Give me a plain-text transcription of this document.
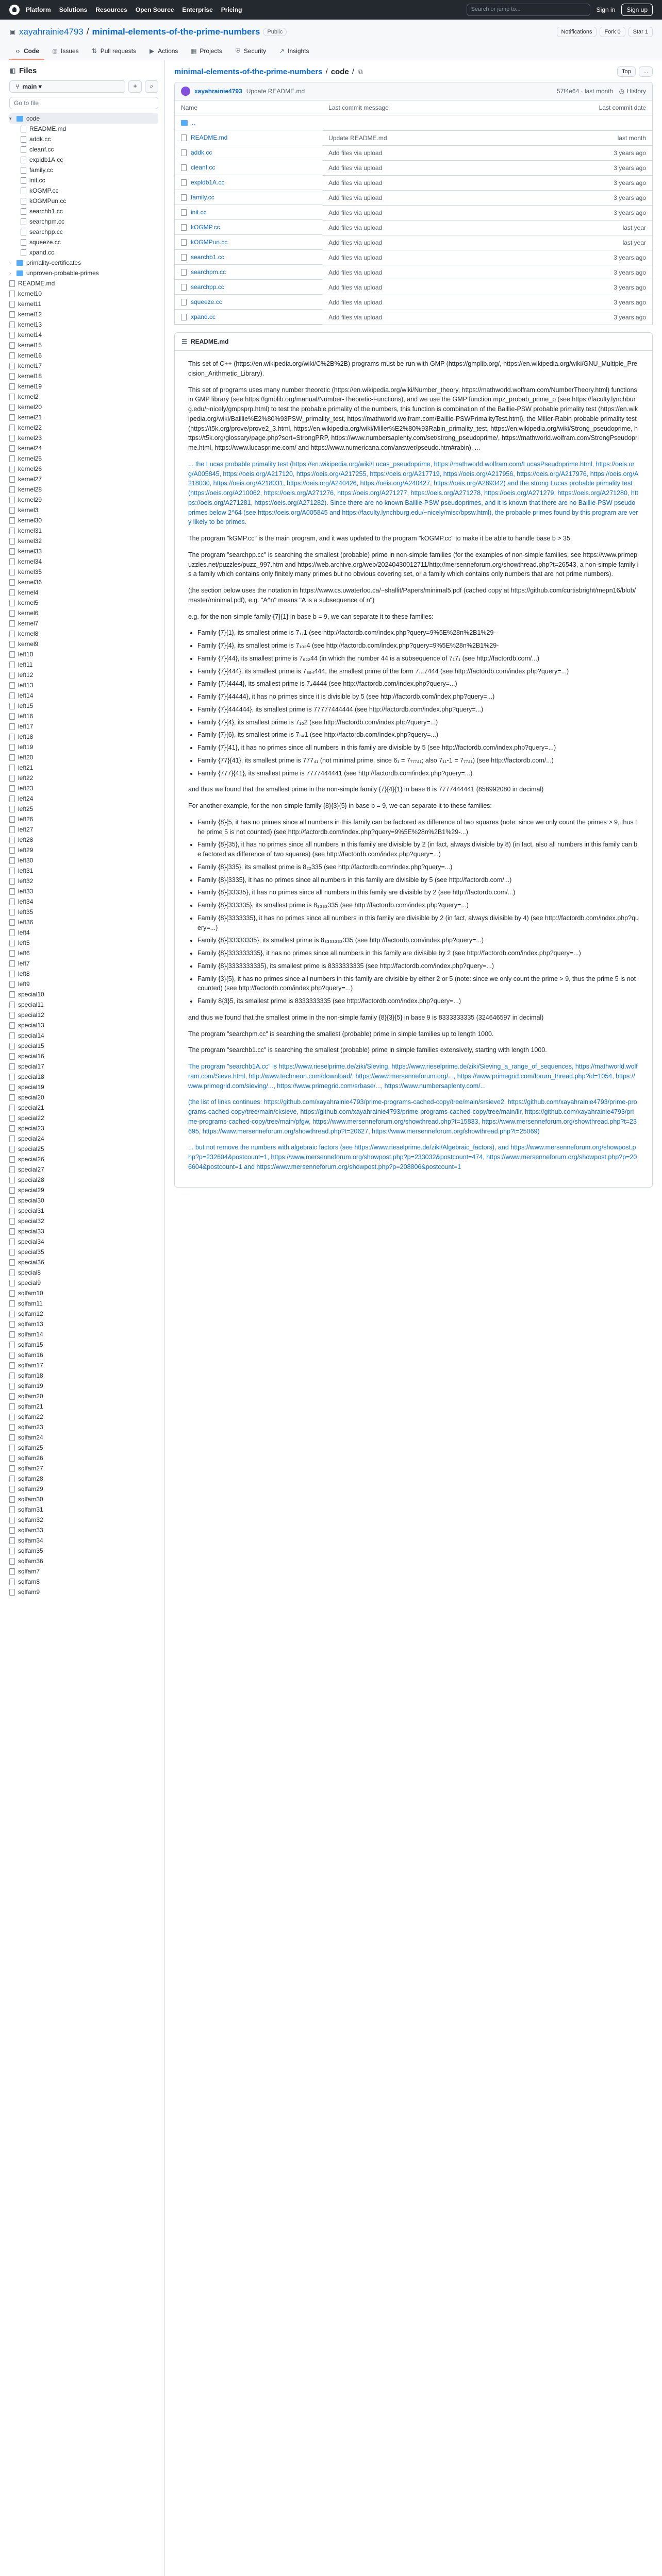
Platform Solutions Resources Open Source Enterprise Pricing	Search or jump to...	Sign in	Sign up
▣ xayahrainie4793 / minimal-elements-of-the-prime-numbers	Public	Notifications	Fork 0	Star 1
‹› Code ◎ Issues ⇅ Pull requests ▶ Actions ▦ Projects ⛨ Security ↗ Insights
◧ Files
⑂ main ▾	+	⌕
Go to file
▾ code
README.md
addk.cc
cleanf.cc
expldb1A.cc
family.cc
init.cc
kOGMP.cc
kOGMPun.cc
searchb1.cc
searchpm.cc
searchpp.cc
squeeze.cc
xpand.cc
›	primality-certificates
›	unproven-probable-primes
README.md
kernel10
kernel11
kernel12
kernel13
kernel14
kernel15
kernel16
kernel17
kernel18
kernel19
kernel2
kernel20
kernel21
kernel22
kernel23
kernel24
kernel25
kernel26
kernel27
kernel28
kernel29
kernel3
kernel30
kernel31
kernel32
kernel33
kernel34
kernel35
kernel36
kernel4
kernel5
kernel6
kernel7
kernel8
kernel9
left10
left11
left12
left13
left14
left15
left16
left17
left18
left19
left20
left21
left22
left23
left24
left25
left26
left27
left28
left29
left30
left31
left32
left33
left34
left35
left36
left4
left5
left6
left7
left8
left9
special10
special11
special12
special13
special14
special15
special16
special17
special18
special19
special20
special21
special22
special23
special24
special25
special26
special27
special28
special29
special30
special31
special32
special33
special34
special35
special36
special8
special9
sqlfam10
sqlfam11
sqlfam12
sqlfam13
sqlfam14
sqlfam15
sqlfam16
sqlfam17
sqlfam18
sqlfam19
sqlfam20
sqlfam21
sqlfam22
sqlfam23
sqlfam24
sqlfam25
sqlfam26
sqlfam27
sqlfam28
sqlfam29
sqlfam30
sqlfam31
sqlfam32
sqlfam33
sqlfam34
sqlfam35
sqlfam36
sqlfam7
sqlfam8
sqlfam9
minimal-elements-of-the-prime-numbers / code / ⧉	Top	...
xayahrainie4793 Update README.md	57f4e64 · last month ◷ History
Name	Last commit message	Last commit date

..

README.md	Update README.md	last month

addk.cc	Add files via upload	3 years ago

cleanf.cc	Add files via upload	3 years ago

expldb1A.cc	Add files via upload	3 years ago

family.cc	Add files via upload	3 years ago

init.cc	Add files via upload	3 years ago

kOGMP.cc	Add files via upload	last year

kOGMPun.cc	Add files via upload	last year

searchb1.cc	Add files via upload	3 years ago

searchpm.cc	Add files via upload	3 years ago

searchpp.cc	Add files via upload	3 years ago

squeeze.cc	Add files via upload	3 years ago

xpand.cc	Add files via upload	3 years ago
☰ README.md

This set of C++ (https://en.wikipedia.org/wiki/C%2B%2B) programs must be run with GMP (https://gmplib.org/, https://en.wikipedia.org/wiki/GNU_Multiple_Precision_Arithmetic_Library).

This set of programs uses many number theoretic (https://en.wikipedia.org/wiki/Number_theory, https://mathworld.wolfram.com/NumberTheory.html) functions in GMP library (see https://gmplib.org/manual/Number-Theoretic-Functions), and we use the GMP function mpz_probab_prime_p (see https://faculty.lynchburg.edu/~nicely/gmpsprp.html) to test the probable primality of the numbers, this function is combination of the Baillie-PSW probable primality test (https://en.wikipedia.org/wiki/Baillie%E2%80%93PSW_primality_test, https://mathworld.wolfram.com/Baillie-PSWPrimalityTest.html), the Miller-Rabin probable primality test (https://t5k.org/prove/prove2_3.html, https://en.wikipedia.org/wiki/Miller%E2%80%93Rabin_primality_test, https://en.wikipedia.org/wiki/Strong_pseudoprime, https://t5k.org/glossary/page.php?sort=StrongPRP, https://www.numbersaplenty.com/set/strong_pseudoprime/, https://mathworld.wolfram.com/StrongPseudoprime.html, https://www.lucasprime.com/ and https://www.numericana.com/answer/pseudo.htm#rabin), ...

... the Lucas probable primality test (https://en.wikipedia.org/wiki/Lucas_pseudoprime, https://mathworld.wolfram.com/LucasPseudoprime.html, https://oeis.org/A005845, https://oeis.org/A217120, https://oeis.org/A217255, https://oeis.org/A217719, https://oeis.org/A217956, https://oeis.org/A217976, https://oeis.org/A218030, https://oeis.org/A218031, https://oeis.org/A240426, https://oeis.org/A240427, https://oeis.org/A289342) and the strong Lucas probable primality test (https://oeis.org/A210062, https://oeis.org/A271276, https://oeis.org/A271277, https://oeis.org/A271278, https://oeis.org/A271279, https://oeis.org/A271280, https://oeis.org/A271281, https://oeis.org/A271282). Since there are no known Baillie-PSW pseudoprimes, and it is known that there are no Baillie-PSW pseudoprimes below 2^64 (see https://oeis.org/A005845 and https://faculty.lynchburg.edu/~nicely/misc/bpsw.html), the probable primes found by this program are very likely to be primes.

The program "kGMP.cc" is the main program, and it was updated to the program "kOGMP.cc" to make it be able to handle base b > 35.

The program "searchpp.cc" is searching the smallest (probable) prime in non-simple families (for the examples of non-simple families, see https://www.primepuzzles.net/puzzles/puzz_997.htm and https://web.archive.org/web/20240430012711/http://mersenneforum.org/showthread.php?t=26543, a non-simple family is a family which contains only finitely many primes but no obvious covering set, or a family which contains only numbers that are not prime numbers).

(the section below uses the notation in https://www.cs.uwaterloo.ca/~shallit/Papers/minimal5.pdf (cached copy at https://github.com/curtisbright/mepn16/blob/master/minimal.pdf), e.g. "A^n" means "A is a subsequence of n")

e.g. for the non-simple family {7}{1} in base b = 9, we can separate it to these families:

• Family {7}{1}, its smallest prime is 7₁₇1 (see http://factordb.com/index.php?query=9%5E%28n%2B1%29-
• Family {7}{4}, its smallest prime is 7₁₀₂4 (see http://factordb.com/index.php?query=9%5E%28n%2B1%29-
• Family {7}{44}, its smallest prime is 7₆₂₂44 (in which the number 44 is a subsequence of 7₁7₁ (see http://factordb.com/...)
• Family {7}{444}, its smallest prime is 7₈₉₄444, the smallest prime of the form 7...7444 (see http://factordb.com/index.php?query=...)
• Family {7}{4444}, its smallest prime is 7₄4444 (see http://factordb.com/index.php?query=...)
• Family {7}{44444}, it has no primes since it is divisible by 5 (see http://factordb.com/index.php?query=...)
• Family {7}{444444}, its smallest prime is 77777444444 (see http://factordb.com/index.php?query=...)
• Family {7}{4}, its smallest prime is 7₁₀2 (see http://factordb.com/index.php?query=...)
• Family {7}{6}, its smallest prime is 7₃₄1 (see http://factordb.com/index.php?query=...)
• Family {7}{41}, it has no primes since all numbers in this family are divisible by 5 (see http://factordb.com/index.php?query=...)
• Family {77}{41}, its smallest prime is 777₄₁ (not minimal prime, since 6₁ = 7₇₇₇₄₁; also 7₁₁-1 = 7₇₇₄₁) (see http://factordb.com/...)
• Family {777}{41}, its smallest prime is 7777444441 (see http://factordb.com/index.php?query=...)

and thus we found that the smallest prime in the non-simple family {7}{4}{1} in base 8 is 7777444441 (858992080 in decimal)

For another example, for the non-simple family {8}{3}{5} in base b = 9, we can separate it to these families:

• Family {8}{5, it has no primes since all numbers in this family can be factored as difference of two squares (note: since we only count the primes > 9, thus the prime 5 is not counted) (see http://factordb.com/index.php?query=9%5E%28n%2B1%29-...)
• Family {8}{35}, it has no primes since all numbers in this family are divisible by 2 (in fact, always divisible by 8) (in fact, also all numbers in this family can be factored as difference of two squares) (see http://factordb.com/index.php?query=...)
• Family {8}{335}, its smallest prime is 8₂₂335 (see http://factordb.com/index.php?query=...)
• Family {8}{3335}, it has no primes since all numbers in this family are divisible by 5 (see http://factordb.com/...)
• Family {8}{33335}, it has no primes since all numbers in this family are divisible by 2 (see http://factordb.com/...)
• Family {8}{333335}, its smallest prime is 8₃₃₃₃335 (see http://factordb.com/index.php?query=...)
• Family {8}{3333335}, it has no primes since all numbers in this family are divisible by 2 (in fact, always divisible by 4) (see http://factordb.com/index.php?query=...)
• Family {8}{33333335}, its smallest prime is 8₃₃₃₃₃₃₃335 (see http://factordb.com/index.php?query=...)
• Family {8}{333333335}, it has no primes since all numbers in this family are divisible by 2 (see http://factordb.com/index.php?query=...)
• Family {8}{3333333335}, its smallest prime is 8333333335 (see http://factordb.com/index.php?query=...)
• Family {3}{5}, it has no primes since all numbers in this family are divisible by either 2 or 5 (note: since we only count the prime > 9, thus the prime 5 is not counted) (see http://factordb.com/index.php?query=...)
• Family 8{3}5, its smallest prime is 8333333335 (see http://factordb.com/index.php?query=...)

and thus we found that the smallest prime in the non-simple family {8}{3}{5} in base 9 is 8333333335 (324646597 in decimal)

The program "searchpm.cc" is searching the smallest (probable) prime in simple families up to length 1000.

The program "searchb1.cc" is searching the smallest (probable) prime in simple families extensively, starting with length 1000.

The program "searchb1A.cc" is https://www.rieselprime.de/ziki/Sieving, https://www.rieselprime.de/ziki/Sieving_a_range_of_sequences, https://mathworld.wolfram.com/Sieve.html, http://www.techneon.com/download/, https://www.mersenneforum.org/..., https://www.primegrid.com/forum_thread.php?id=1054, https://www.primegrid.com/sieving/..., https://www.primegrid.com/srbase/..., https://www.numbersaplenty.com/...

(the list of links continues: https://github.com/xayahrainie4793/prime-programs-cached-copy/tree/main/srsieve2, https://github.com/xayahrainie4793/prime-programs-cached-copy/tree/main/cksieve, https://github.com/xayahrainie4793/prime-programs-cached-copy/tree/main/llr, https://github.com/xayahrainie4793/prime-programs-cached-copy/tree/main/pfgw, https://www.mersenneforum.org/showthread.php?t=15833, https://www.mersenneforum.org/showthread.php?t=23695, https://www.mersenneforum.org/showthread.php?t=20627, https://www.mersenneforum.org/showthread.php?t=25069)

... but not remove the numbers with algebraic factors (see https://www.rieselprime.de/ziki/Algebraic_factors), and https://www.mersenneforum.org/showpost.php?p=232604&postcount=1, https://www.mersenneforum.org/showpost.php?p=233032&postcount=474, https://www.mersenneforum.org/showpost.php?p=206604&postcount=1 and https://www.mersenneforum.org/showpost.php?p=208806&postcount=1
